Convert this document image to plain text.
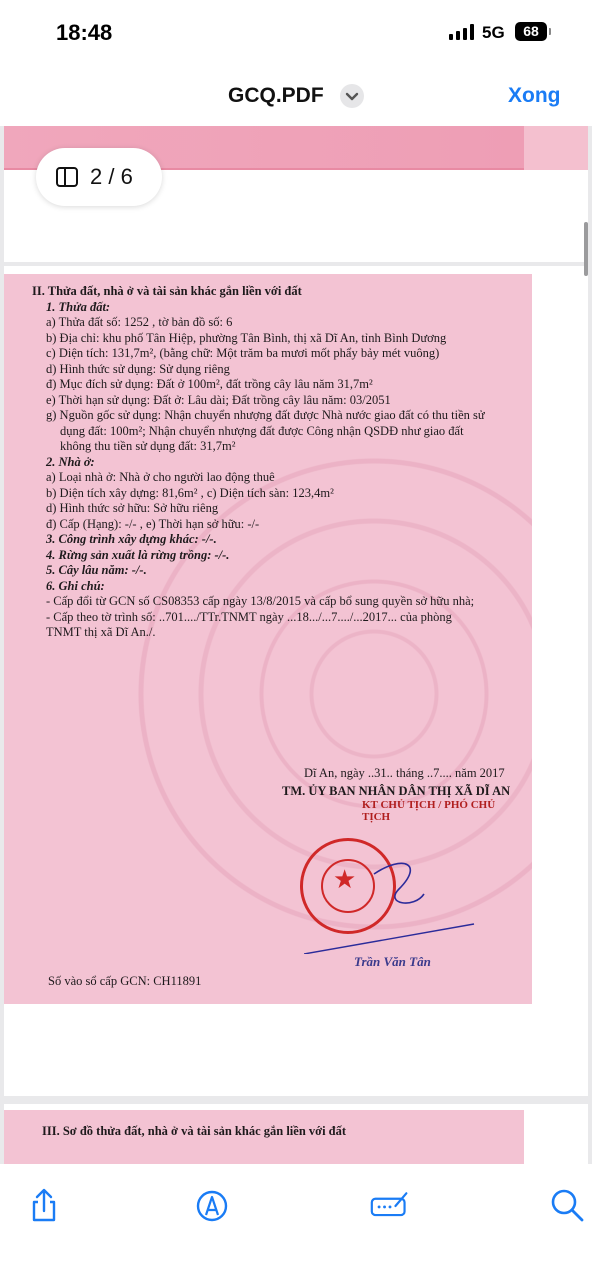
18:48	5G	68
GCQ.PDF	Xong
II. Thửa đất, nhà ở và tài sản khác gắn liền với đất
1. Thửa đất:
a) Thửa đất số: 1252 , tờ bản đồ số: 6
b) Địa chỉ: khu phố Tân Hiệp, phường Tân Bình, thị xã Dĩ An, tỉnh Bình Dương
c) Diện tích: 131,7m², (bằng chữ: Một trăm ba mươi mốt phẩy bảy mét vuông)
d) Hình thức sử dụng: Sử dụng riêng
đ) Mục đích sử dụng: Đất ở 100m², đất trồng cây lâu năm 31,7m²
e) Thời hạn sử dụng: Đất ở: Lâu dài; Đất trồng cây lâu năm: 03/2051
g) Nguồn gốc sử dụng: Nhận chuyển nhượng đất được Nhà nước giao đất có thu tiền sử
dụng đất: 100m²; Nhận chuyển nhượng đất được Công nhận QSDĐ như giao đất
không thu tiền sử dụng đất: 31,7m²
2. Nhà ở:
a) Loại nhà ở: Nhà ở cho người lao động thuê
b) Diện tích xây dựng: 81,6m² , c) Diện tích sàn: 123,4m²
d) Hình thức sở hữu: Sở hữu riêng
đ) Cấp (Hạng): -/- , e) Thời hạn sở hữu: -/-
3. Công trình xây dựng khác: -/-.
4. Rừng sản xuất là rừng trồng: -/-.
5. Cây lâu năm: -/-.
6. Ghi chú:
- Cấp đổi từ GCN số CS08353 cấp ngày 13/8/2015 và cấp bổ sung quyền sở hữu nhà;
- Cấp theo tờ trình số: ..701..../TTr.TNMT ngày ...18.../...7..../...2017... của phòng
TNMT thị xã Dĩ An./.
Dĩ An, ngày ..31.. tháng ..7.... năm 2017
TM. ỦY BAN NHÂN DÂN THỊ XÃ DĨ AN
KT CHỦ TỊCH / PHÓ CHỦ TỊCH
★
Trần Văn Tân
Số vào sổ cấp GCN: CH11891
III. Sơ đồ thửa đất, nhà ở và tài sản khác gắn liền với đất
2 / 6
